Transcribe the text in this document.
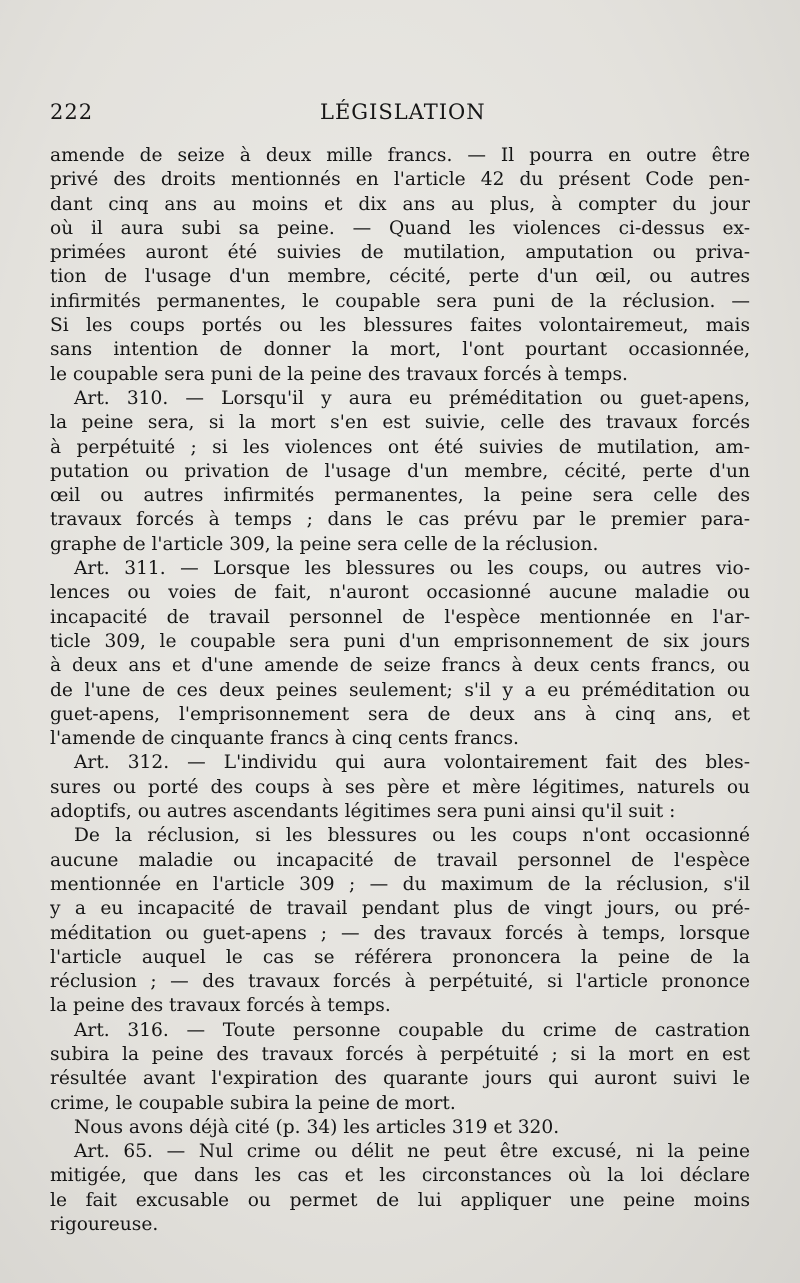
222	LÉGISLATION
amende de seize à deux mille francs. — Il pourra en outre être
privé des droits mentionnés en l'article 42 du présent Code pen-
dant cinq ans au moins et dix ans au plus, à compter du jour
où il aura subi sa peine. — Quand les violences ci-dessus ex-
primées auront été suivies de mutilation, amputation ou priva-
tion de l'usage d'un membre, cécité, perte d'un œil, ou autres
infirmités permanentes, le coupable sera puni de la réclusion. —
Si les coups portés ou les blessures faites volontairemeut, mais
sans intention de donner la mort, l'ont pourtant occasionnée,
le coupable sera puni de la peine des travaux forcés à temps.
Art. 310. — Lorsqu'il y aura eu préméditation ou guet-apens,
la peine sera, si la mort s'en est suivie, celle des travaux forcés
à perpétuité ; si les violences ont été suivies de mutilation, am-
putation ou privation de l'usage d'un membre, cécité, perte d'un
œil ou autres infirmités permanentes, la peine sera celle des
travaux forcés à temps ; dans le cas prévu par le premier para-
graphe de l'article 309, la peine sera celle de la réclusion.
Art. 311. — Lorsque les blessures ou les coups, ou autres vio-
lences ou voies de fait, n'auront occasionné aucune maladie ou
incapacité de travail personnel de l'espèce mentionnée en l'ar-
ticle 309, le coupable sera puni d'un emprisonnement de six jours
à deux ans et d'une amende de seize francs à deux cents francs, ou
de l'une de ces deux peines seulement; s'il y a eu préméditation ou
guet-apens, l'emprisonnement sera de deux ans à cinq ans, et
l'amende de cinquante francs à cinq cents francs.
Art. 312. — L'individu qui aura volontairement fait des bles-
sures ou porté des coups à ses père et mère légitimes, naturels ou
adoptifs, ou autres ascendants légitimes sera puni ainsi qu'il suit :
De la réclusion, si les blessures ou les coups n'ont occasionné
aucune maladie ou incapacité de travail personnel de l'espèce
mentionnée en l'article 309 ; — du maximum de la réclusion, s'il
y a eu incapacité de travail pendant plus de vingt jours, ou pré-
méditation ou guet-apens ; — des travaux forcés à temps, lorsque
l'article auquel le cas se référera prononcera la peine de la
réclusion ; — des travaux forcés à perpétuité, si l'article prononce
la peine des travaux forcés à temps.
Art. 316. — Toute personne coupable du crime de castration
subira la peine des travaux forcés à perpétuité ; si la mort en est
résultée avant l'expiration des quarante jours qui auront suivi le
crime, le coupable subira la peine de mort.
Nous avons déjà cité (p. 34) les articles 319 et 320.
Art. 65. — Nul crime ou délit ne peut être excusé, ni la peine
mitigée, que dans les cas et les circonstances où la loi déclare
le fait excusable ou permet de lui appliquer une peine moins
rigoureuse.
